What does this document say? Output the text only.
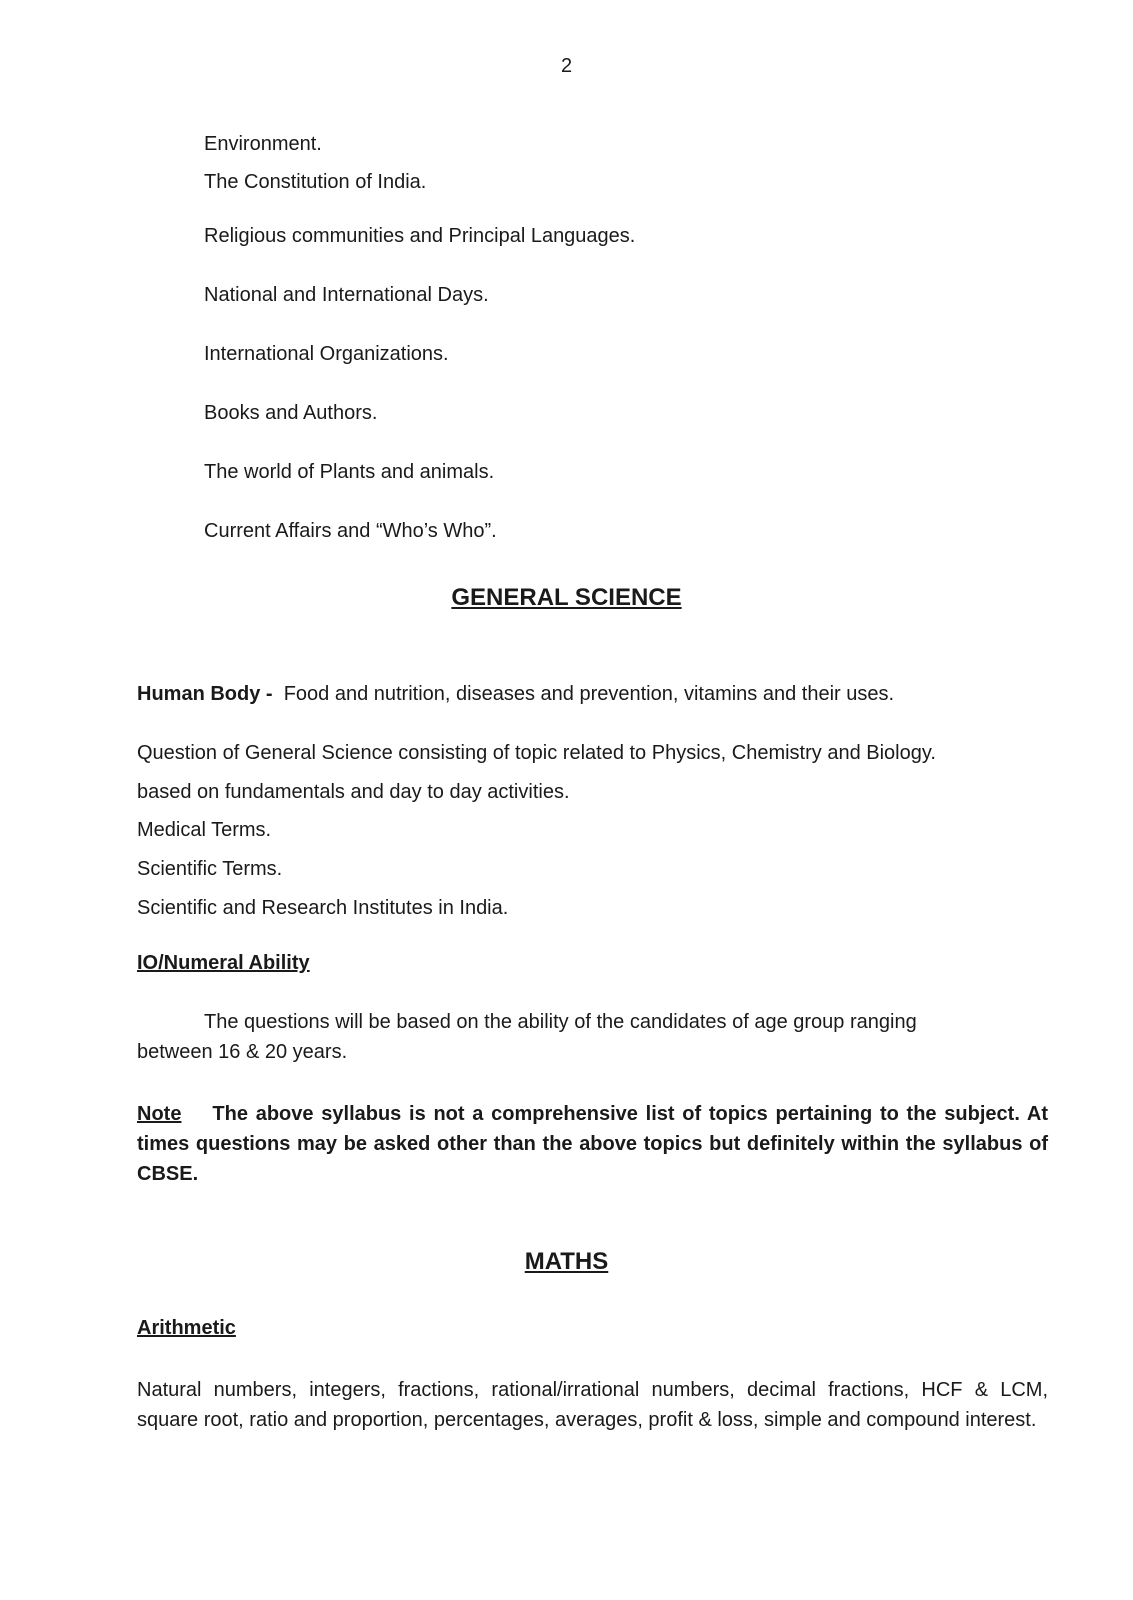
2
Environment.
The Constitution of India.
Religious communities and Principal Languages.
National and International Days.
International Organizations.
Books and Authors.
The world of Plants and animals.
Current Affairs and “Who’s Who”.
GENERAL SCIENCE
Human Body - Food and nutrition, diseases and prevention, vitamins and their uses.
Question of General Science consisting of topic related to Physics, Chemistry and Biology.
based on fundamentals and day to day activities.
Medical Terms.
Scientific Terms.
Scientific and Research Institutes in India.
IO/Numeral Ability
The questions will be based on the ability of the candidates of age group ranging
between 16 & 20 years.

Note The above syllabus is not a comprehensive list of topics pertaining to the subject. At times questions may be asked other than the above topics but definitely within the syllabus of CBSE.

MATHS
Arithmetic

Natural numbers, integers, fractions, rational/irrational numbers, decimal fractions, HCF & LCM, square root, ratio and proportion, percentages, averages, profit & loss, simple and compound interest.
